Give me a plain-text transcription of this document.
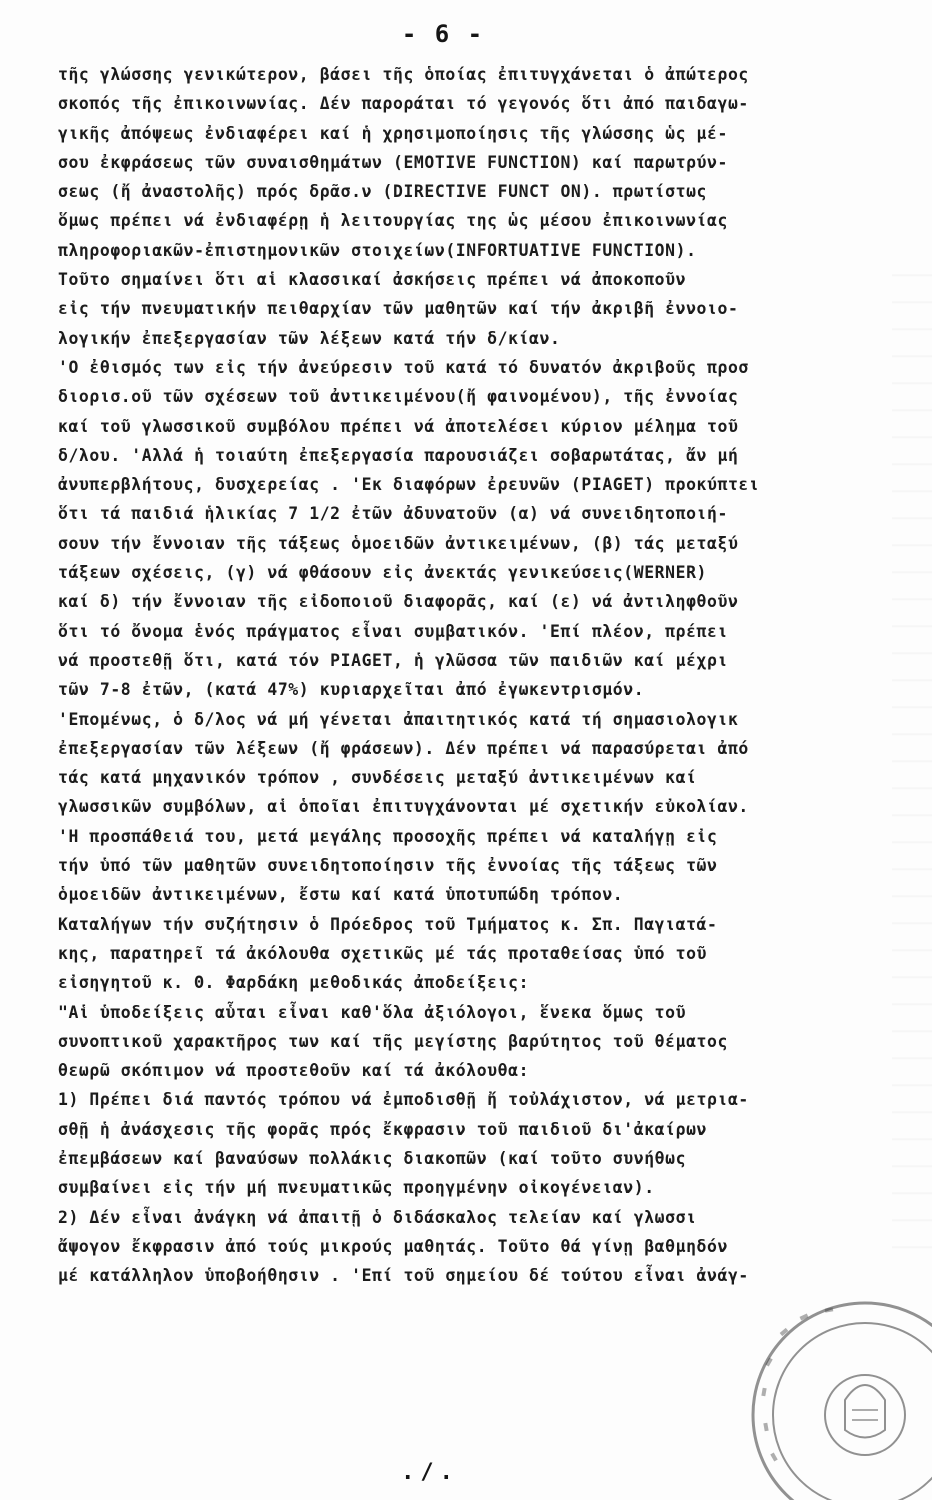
- 6 -
τῆς γλώσσης γενικώτερον, βάσει τῆς ὁποίας ἐπιτυγχάνεται ὁ ἀπώτερος
σκοπός τῆς ἐπικοινωνίας. Δέν παροράται τό γεγονός ὅτι ἀπό παιδαγω-
γικῆς ἀπόψεως ἐνδιαφέρει καί ἡ χρησιμοποίησις τῆς γλώσσης ὡς μέ-
σου ἐκφράσεως τῶν συναισθημάτων (EMOTIVE FUNCTION) καί παρωτρύν-
σεως (ἤ ἀναστολῆς) πρός δρᾶσ.ν (DIRECTIVE FUNCT ON). πρωτίστως
ὅμως πρέπει νά ἐνδιαφέρῃ ἡ λειτουργίας της ὡς μέσου ἐπικοινωνίας
πληροφοριακῶν-ἐπιστημονικῶν στοιχείων(INFORTUATIVE FUNCTION).
Τοῦτο σημαίνει ὅτι αἱ κλασσικαί ἀσκήσεις πρέπει νά ἀποκοποῦν
εἰς τήν πνευματικήν πειθαρχίαν τῶν μαθητῶν καί τήν ἀκριβῆ ἐννοιο-
λογικήν ἐπεξεργασίαν τῶν λέξεων κατά τήν δ/κίαν.
'Ο ἐθισμός των εἰς τήν ἀνεύρεσιν τοῦ κατά τό δυνατόν ἀκριβοῦς προσ
διορισ.οῦ τῶν σχέσεων τοῦ ἀντικειμένου(ἤ φαινομένου), τῆς ἐννοίας
καί τοῦ γλωσσικοῦ συμβόλου πρέπει νά ἀποτελέσει κύριον μέλημα τοῦ
δ/λου. 'Αλλά ἡ τοιαύτη ἐπεξεργασία παρουσιάζει σοβαρωτάτας, ἄν μή
ἀνυπερβλήτους, δυσχερείας . 'Εκ διαφόρων ἐρευνῶν (PIAGET) προκύπτει
ὅτι τά παιδιά ἡλικίας 7 1/2 ἐτῶν ἀδυνατοῦν (α) νά συνειδητοποιή-
σουν τήν ἔννοιαν τῆς τάξεως ὁμοειδῶν ἀντικειμένων, (β) τάς μεταξύ
τάξεων σχέσεις, (γ) νά φθάσουν εἰς ἀνεκτάς γενικεύσεις(WERNER)
καί δ) τήν ἔννοιαν τῆς εἰδοποιοῦ διαφορᾶς, καί (ε) νά ἀντιληφθοῦν
ὅτι τό ὄνομα ἑνός πράγματος εἶναι συμβατικόν. 'Επί πλέον, πρέπει
νά προστεθῇ ὅτι, κατά τόν PIAGET, ἡ γλῶσσα τῶν παιδιῶν καί μέχρι
τῶν 7-8 ἐτῶν, (κατά 47%) κυριαρχεῖται ἀπό ἐγωκεντρισμόν.
'Επομένως, ὁ δ/λος νά μή γένεται ἀπαιτητικός κατά τή σημασιολογικ
ἐπεξεργασίαν τῶν λέξεων (ἤ φράσεων). Δέν πρέπει νά παρασύρεται ἀπό
τάς κατά μηχανικόν τρόπον , συνδέσεις μεταξύ ἀντικειμένων καί
γλωσσικῶν συμβόλων, αἱ ὁποῖαι ἐπιτυγχάνονται μέ σχετικήν εὐκολίαν.
'Η προσπάθειά του, μετά μεγάλης προσοχῆς πρέπει νά καταλήγῃ εἰς
τήν ὑπό τῶν μαθητῶν συνειδητοποίησιν τῆς ἐννοίας τῆς τάξεως τῶν
ὁμοειδῶν ἀντικειμένων, ἔστω καί κατά ὑποτυπώδη τρόπον.
Καταλήγων τήν συζήτησιν ὁ Πρόεδρος τοῦ Τμήματος κ. Σπ. Παγιατά-
κης, παρατηρεῖ τά ἀκόλουθα σχετικῶς μέ τάς προταθείσας ὑπό τοῦ
εἰσηγητοῦ κ. Θ. Φαρδάκη μεθοδικάς ἀποδείξεις:
"Αἱ ὑποδείξεις αὗται εἶναι καθ'ὅλα ἀξιόλογοι, ἕνεκα ὅμως τοῦ
συνοπτικοῦ χαρακτῆρος των καί τῆς μεγίστης βαρύτητος τοῦ θέματος
θεωρῶ σκόπιμον νά προστεθοῦν καί τά ἀκόλουθα:
1) Πρέπει διά παντός τρόπου νά ἐμποδισθῇ ἤ τοὐλάχιστον, νά μετρια-
σθῇ ἡ ἀνάσχεσις τῆς φορᾶς πρός ἔκφρασιν τοῦ παιδιοῦ δι'ἀκαίρων
ἐπεμβάσεων καί βαναύσων πολλάκις διακοπῶν (καί τοῦτο συνήθως
συμβαίνει εἰς τήν μή πνευματικῶς προηγμένην οἰκογένειαν).
2) Δέν εἶναι ἀνάγκη νά ἀπαιτῇ ὁ διδάσκαλος τελείαν καί γλωσσι
ἄψογον ἔκφρασιν ἀπό τούς μικρούς μαθητάς. Τοῦτο θά γίνῃ βαθμηδόν
μέ κατάλληλον ὑποβοήθησιν . 'Επί τοῦ σημείου δέ τούτου εἶναι ἀνάγ-
./.
